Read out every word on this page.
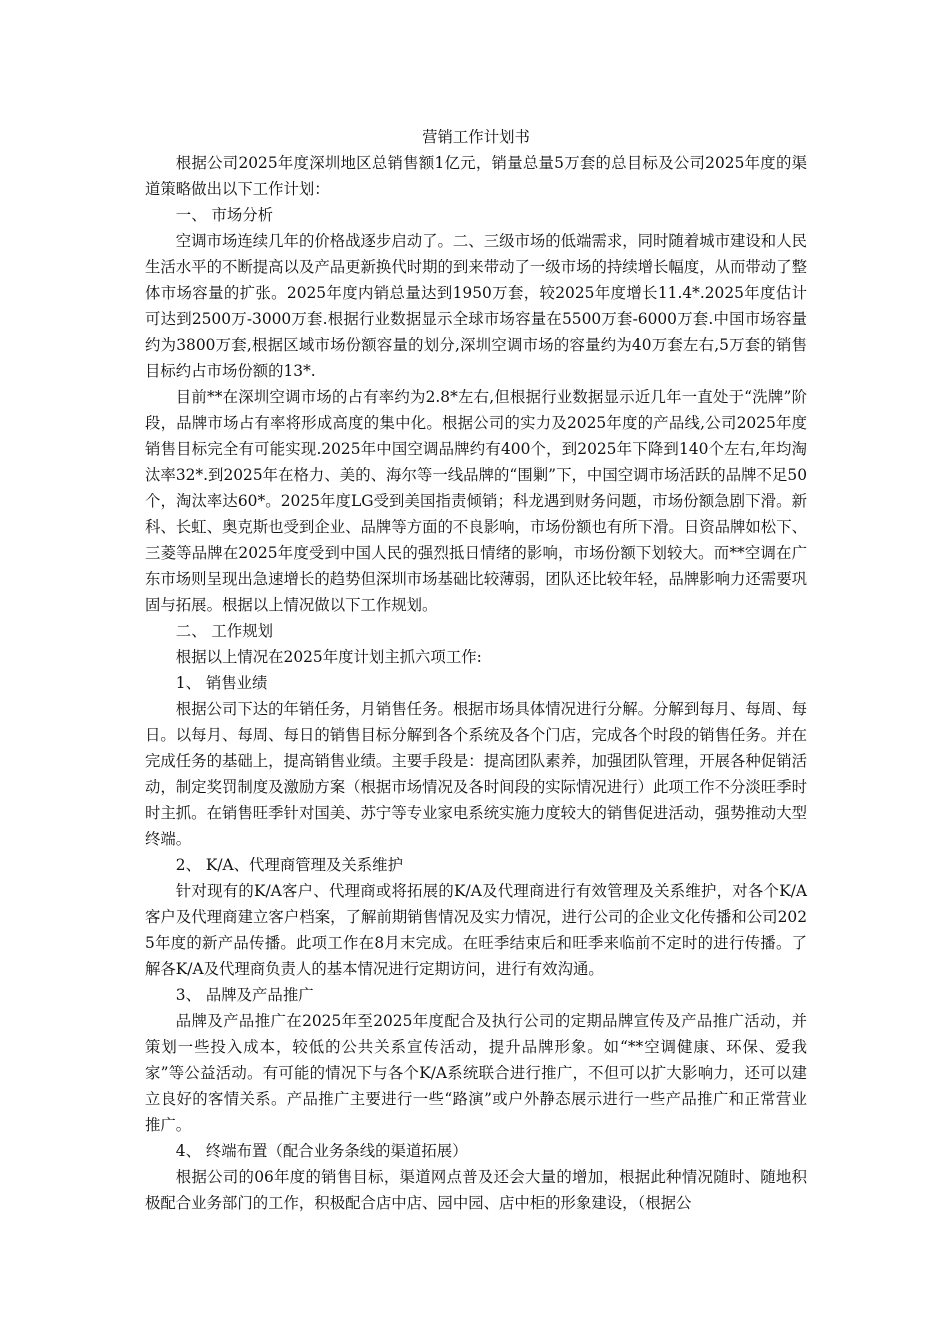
营销工作计划书

根据公司2025年度深圳地区总销售额1亿元，销量总量5万套的总目标及公司2025年度的渠道策略做出以下工作计划：

一、 市场分析

空调市场连续几年的价格战逐步启动了。二、三级市场的低端需求，同时随着城市建设和人民生活水平的不断提高以及产品更新换代时期的到来带动了一级市场的持续增长幅度，从而带动了整体市场容量的扩张。2025年度内销总量达到1950万套，较2025年度增长11.4*.2025年度估计可达到2500万-3000万套.根据行业数据显示全球市场容量在5500万套-6000万套.中国市场容量约为3800万套,根据区域市场份额容量的划分,深圳空调市场的容量约为40万套左右,5万套的销售目标约占市场份额的13*.

目前**在深圳空调市场的占有率约为2.8*左右,但根据行业数据显示近几年一直处于“洗牌”阶段，品牌市场占有率将形成高度的集中化。根据公司的实力及2025年度的产品线,公司2025年度销售目标完全有可能实现.2025年中国空调品牌约有400个，到2025年下降到140个左右,年均淘汰率32*.到2025年在格力、美的、海尔等一线品牌的“围剿”下，中国空调市场活跃的品牌不足50个，淘汰率达60*。2025年度LG受到美国指责倾销；科龙遇到财务问题，市场份额急剧下滑。新科、长虹、奥克斯也受到企业、品牌等方面的不良影响，市场份额也有所下滑。日资品牌如松下、三菱等品牌在2025年度受到中国人民的强烈抵日情绪的影响，市场份额下划较大。而**空调在广东市场则呈现出急速增长的趋势但深圳市场基础比较薄弱，团队还比较年轻，品牌影响力还需要巩固与拓展。根据以上情况做以下工作规划。

二、 工作规划

根据以上情况在2025年度计划主抓六项工作:

1、 销售业绩

根据公司下达的年销任务，月销售任务。根据市场具体情况进行分解。分解到每月、每周、每日。以每月、每周、每日的销售目标分解到各个系统及各个门店，完成各个时段的销售任务。并在完成任务的基础上，提高销售业绩。主要手段是：提高团队素养，加强团队管理，开展各种促销活动，制定奖罚制度及激励方案（根据市场情况及各时间段的实际情况进行）此项工作不分淡旺季时时主抓。在销售旺季针对国美、苏宁等专业家电系统实施力度较大的销售促进活动，强势推动大型终端。

2、 K/A、代理商管理及关系维护

针对现有的K/A客户、代理商或将拓展的K/A及代理商进行有效管理及关系维护，对各个K/A客户及代理商建立客户档案，了解前期销售情况及实力情况，进行公司的企业文化传播和公司2025年度的新产品传播。此项工作在8月末完成。在旺季结束后和旺季来临前不定时的进行传播。了解各K/A及代理商负责人的基本情况进行定期访问，进行有效沟通。

3、 品牌及产品推广

品牌及产品推广在2025年至2025年度配合及执行公司的定期品牌宣传及产品推广活动，并策划一些投入成本，较低的公共关系宣传活动，提升品牌形象。如“**空调健康、环保、爱我家”等公益活动。有可能的情况下与各个K/A系统联合进行推广，不但可以扩大影响力，还可以建立良好的客情关系。产品推广主要进行一些“路演”或户外静态展示进行一些产品推广和正常营业推广。

4、 终端布置（配合业务条线的渠道拓展）

根据公司的06年度的销售目标，渠道网点普及还会大量的增加，根据此种情况随时、随地积极配合业务部门的工作，积极配合店中店、园中园、店中柜的形象建设，（根据公
